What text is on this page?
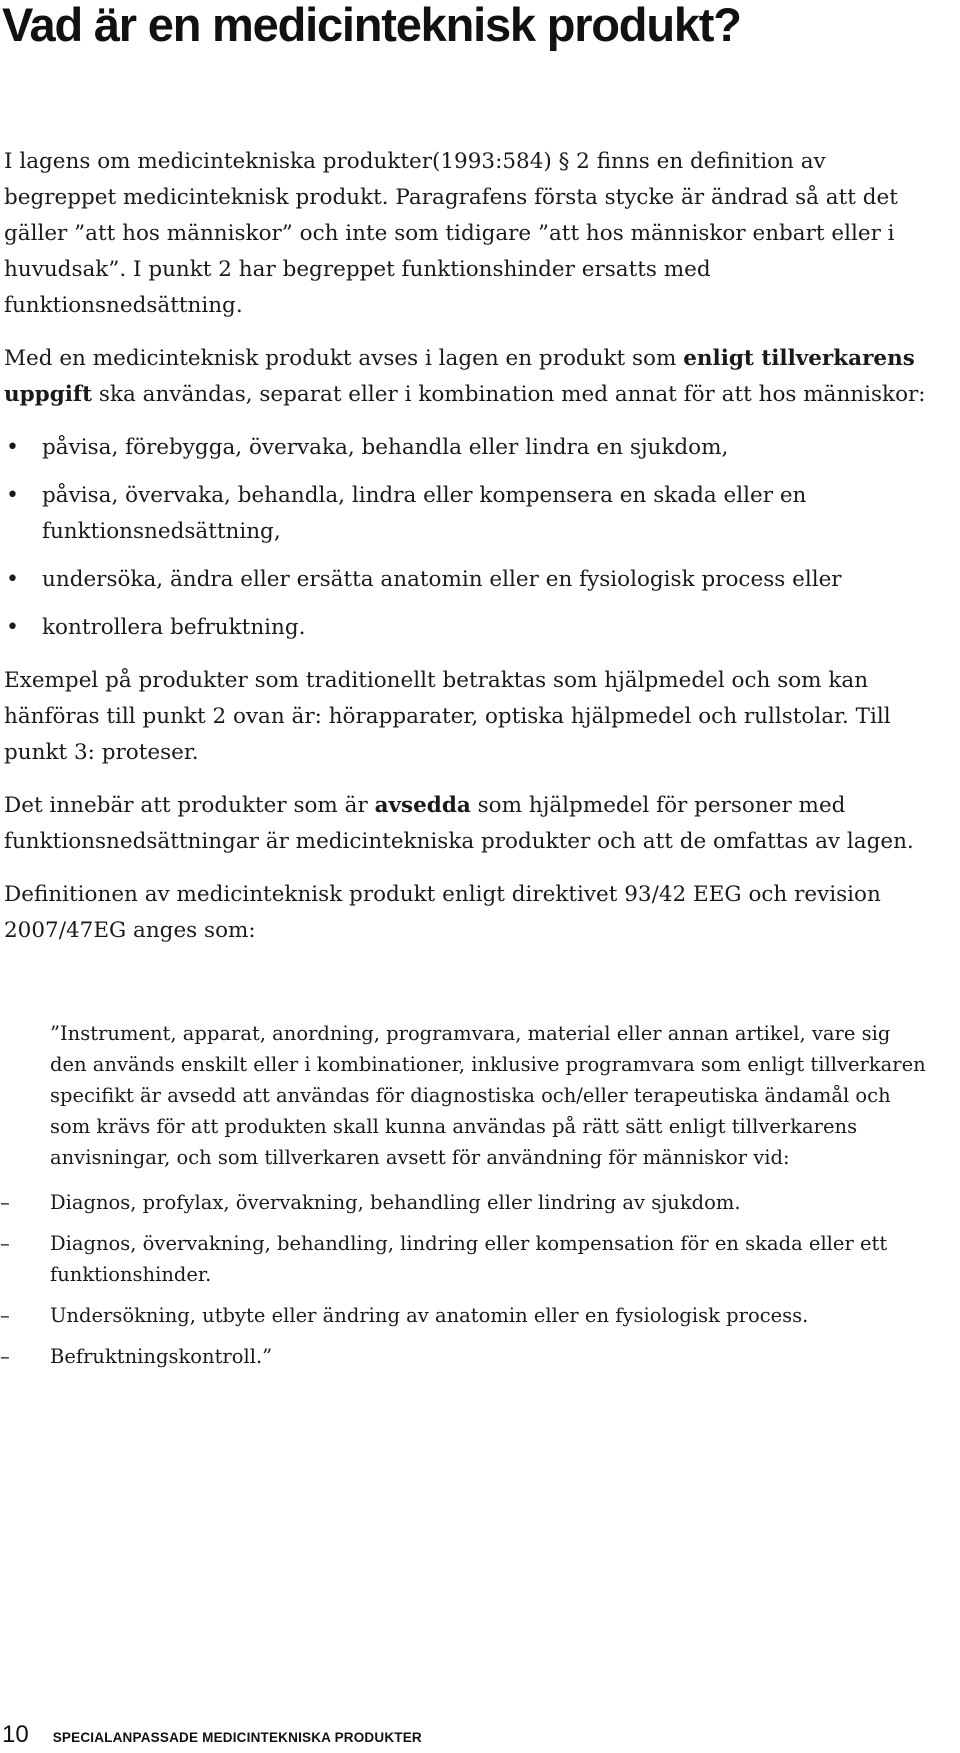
Vad är en medicinteknisk produkt?

I lagens om medicintekniska produkter(1993:584) § 2 finns en definition av begreppet medicinteknisk produkt. Paragrafens första stycke är ändrad så att det gäller ”att hos människor” och inte som tidigare ”att hos människor enbart eller i huvudsak”. I punkt 2 har begreppet funktionshinder ersatts med funktionsnedsättning.

Med en medicinteknisk produkt avses i lagen en produkt som enligt tillverkarens uppgift ska användas, separat eller i kombination med annat för att hos människor:

• påvisa, förebygga, övervaka, behandla eller lindra en sjukdom,
• påvisa, övervaka, behandla, lindra eller kompensera en skada eller en funktionsnedsättning,
• undersöka, ändra eller ersätta anatomin eller en fysiologisk process eller
• kontrollera befruktning.

Exempel på produkter som traditionellt betraktas som hjälpmedel och som kan hänföras till punkt 2 ovan är: hörapparater, optiska hjälpmedel och rullstolar. Till punkt 3: proteser.

Det innebär att produkter som är avsedda som hjälpmedel för personer med funktionsnedsättningar är medicintekniska produkter och att de omfattas av lagen.

Definitionen av medicinteknisk produkt enligt direktivet 93/42 EEG och revision 2007/47EG anges som:

”Instrument, apparat, anordning, programvara, material eller annan artikel, vare sig den används enskilt eller i kombinationer, inklusive programvara som enligt tillverkaren specifikt är avsedd att användas för diagnostiska och/eller terapeutiska ändamål och som krävs för att produkten skall kunna användas på rätt sätt enligt tillverkarens anvisningar, och som tillverkaren avsett för användning för människor vid:

– Diagnos, profylax, övervakning, behandling eller lindring av sjukdom.
– Diagnos, övervakning, behandling, lindring eller kompensation för en skada eller ett funktionshinder.
– Undersökning, utbyte eller ändring av anatomin eller en fysiologisk process.
– Befruktningskontroll.”
10 SPECIALANPASSADE MEDICINTEKNISKA PRODUKTER
